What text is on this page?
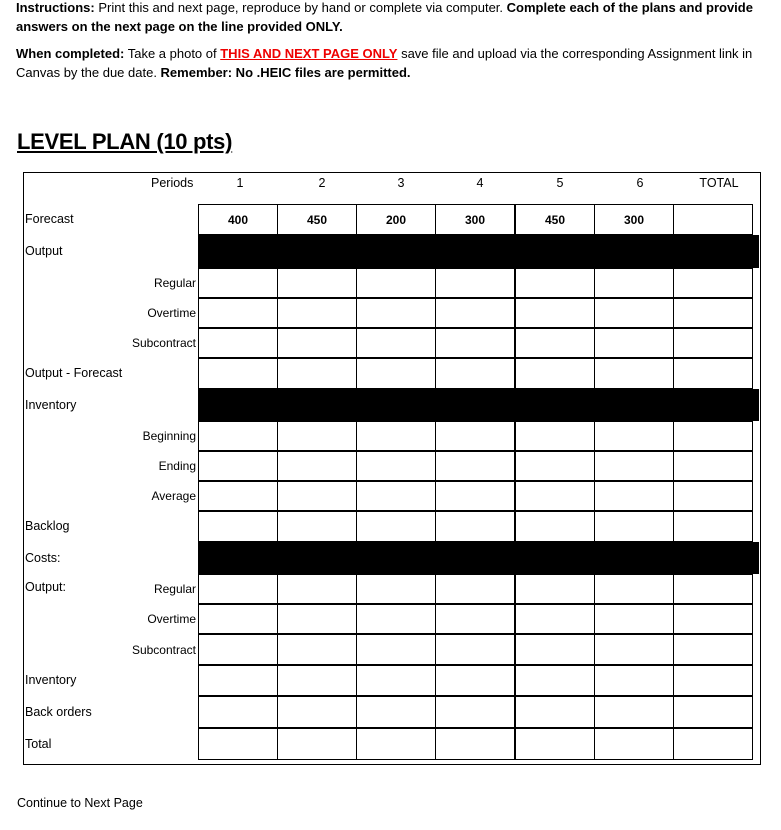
Instructions: Print this and next page, reproduce by hand or complete via computer. Complete each of the plans and provide answers on the next page on the line provided ONLY.

When completed: Take a photo of THIS AND NEXT PAGE ONLY save file and upload via the corresponding Assignment link in Canvas by the due date. Remember: No .HEIC files are permitted.

LEVEL PLAN (10 pts)
Periods	1	2	3	4	5	6	TOTAL
Forecast	400	450	200	300	450	300
Output
Regular
Overtime
Subcontract
Output - Forecast
Inventory
Beginning
Ending
Average
Backlog
Costs:
Output:	Regular
Overtime
Subcontract
Inventory
Back orders
Total
Continue to Next Page
